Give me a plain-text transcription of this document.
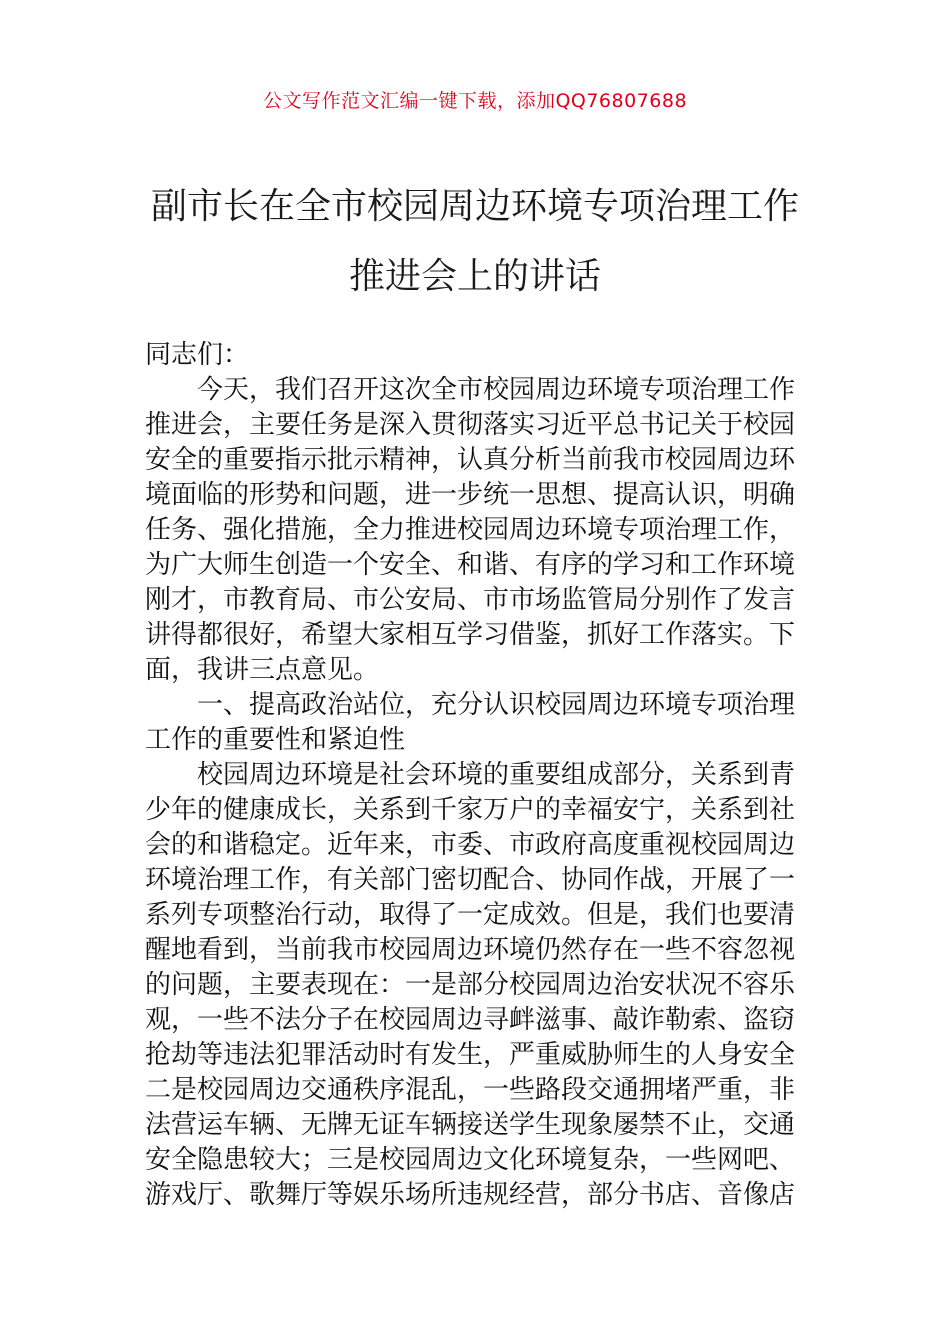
公文写作范文汇编一键下载，添加QQ76807688
副市长在全市校园周边环境专项治理工作
推进会上的讲话
同志们：
今天，我们召开这次全市校园周边环境专项治理工作
推进会，主要任务是深入贯彻落实习近平总书记关于校园
安全的重要指示批示精神，认真分析当前我市校园周边环
境面临的形势和问题，进一步统一思想、提高认识，明确
任务、强化措施，全力推进校园周边环境专项治理工作，
为广大师生创造一个安全、和谐、有序的学习和工作环境
刚才，市教育局、市公安局、市市场监管局分别作了发言
讲得都很好，希望大家相互学习借鉴，抓好工作落实。下
面，我讲三点意见。
一、提高政治站位，充分认识校园周边环境专项治理
工作的重要性和紧迫性
校园周边环境是社会环境的重要组成部分，关系到青
少年的健康成长，关系到千家万户的幸福安宁，关系到社
会的和谐稳定。近年来，市委、市政府高度重视校园周边
环境治理工作，有关部门密切配合、协同作战，开展了一
系列专项整治行动，取得了一定成效。但是，我们也要清
醒地看到，当前我市校园周边环境仍然存在一些不容忽视
的问题，主要表现在：一是部分校园周边治安状况不容乐
观，一些不法分子在校园周边寻衅滋事、敲诈勒索、盗窃
抢劫等违法犯罪活动时有发生，严重威胁师生的人身安全
二是校园周边交通秩序混乱，一些路段交通拥堵严重，非
法营运车辆、无牌无证车辆接送学生现象屡禁不止，交通
安全隐患较大；三是校园周边文化环境复杂，一些网吧、
游戏厅、歌舞厅等娱乐场所违规经营，部分书店、音像店
